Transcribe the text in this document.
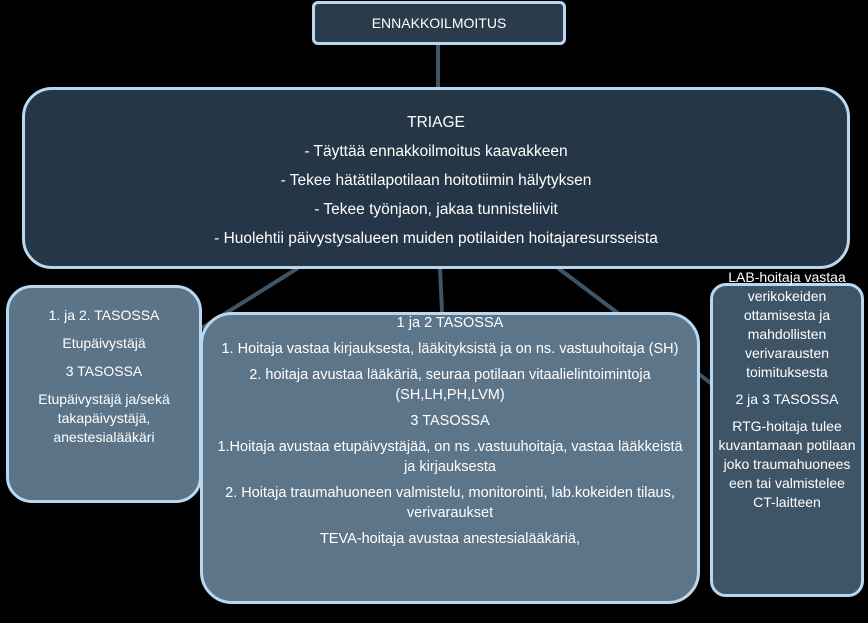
ENNAKKOILMOITUS
TRIAGE
- Täyttää ennakkoilmoitus kaavakkeen
- Tekee hätätilapotilaan hoitotiimin hälytyksen
- Tekee työnjaon, jakaa tunnisteliivit
- Huolehtii päivystysalueen muiden potilaiden hoitajaresursseista
1. ja 2. TASOSSA
Etupäivystäjä
3 TASOSSA
Etupäivystäjä ja/sekä takapäivystäjä, anestesialääkäri
1 ja 2 TASOSSA
1. Hoitaja vastaa kirjauksesta, lääkityksistä ja on ns. vastuuhoitaja (SH)
2. hoitaja avustaa lääkäriä, seuraa potilaan vitaalielintoimintoja (SH,LH,PH,LVM)
3 TASOSSA
1.Hoitaja avustaa etupäivystäjää, on ns .vastuuhoitaja, vastaa lääkkeistä ja kirjauksesta
2. Hoitaja traumahuoneen valmistelu, monitorointi, lab.kokeiden tilaus, verivaraukset
TEVA-hoitaja avustaa anestesialääkäriä,
LAB-hoitaja vastaa verikokeiden ottamisesta ja mahdollisten verivarausten toimituksesta
2 ja 3 TASOSSA
RTG-hoitaja tulee kuvantamaan potilaan joko traumahuonees een tai valmistelee CT-laitteen
